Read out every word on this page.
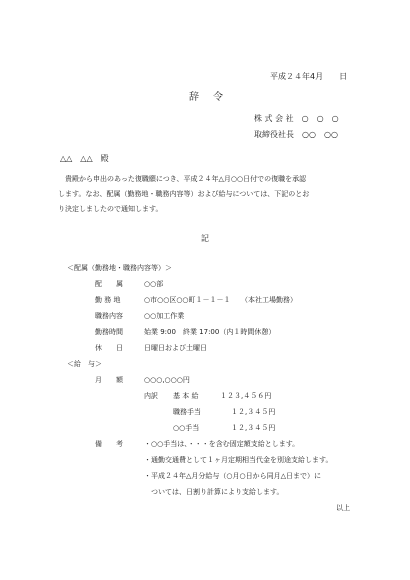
平成２４年4月　　日
辞　令
株 式 会 社　○　○　○
取締役社長　○○　○○
△△　△△　殿
貴殿から申出のあった復職願につき、平成２４年△月○○日付での復職を承認
します。なお、配属（勤務地・職務内容等）および給与については、下記のとお
り決定しましたので通知します。
記
＜配属（勤務地・職務内容等）＞
配　　属	○○部
勤 務 地	○市○○区○○町１－１－１　　（本社工場勤務）
職務内容	○○加工作業
勤務時間	始業 9:00　終業 17:00（内１時間休憩）
休　　日	日曜日および土曜日
＜給　与＞
月　　額	○○○,○○○円
内訳 基 本 給	１２３,４５６円
職務手当	１２,３４５円
○○手当	１２,３４５円
備　　考	・○○手当は、・・・を含む固定額支給とします。
・通勤交通費として１ヶ月定期相当代金を別途支給します。
・平成２４年△月分給与（○月○日から同月△日まで）に
　ついては、日割り計算により支給します。
以上
